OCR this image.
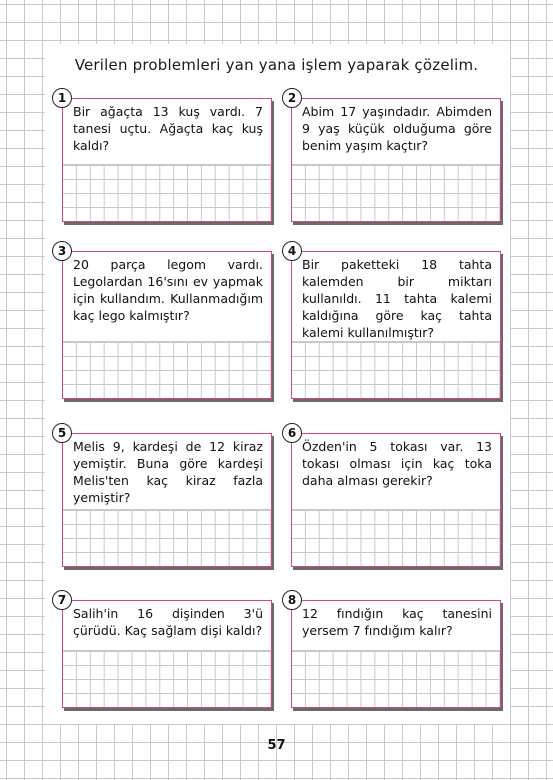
Verilen problemleri yan yana işlem yaparak çözelim.
Bir ağaçta 13 kuş vardı. 7 tanesi uçtu. Ağaçta kaç kuş kaldı?
1
Abim 17 yaşındadır. Abimden 9 yaş küçük olduğuma göre benim yaşım kaçtır?
2
20 parça legom vardı. Legolardan 16'sını ev yapmak için kullandım. Kullanmadığım kaç lego kalmıştır?
3
Bir paketteki 18 tahta kalemden bir miktarı kullanıldı. 11 tahta kalemi kaldığına göre kaç tahta kalemi kullanılmıştır?
4
Melis 9, kardeşi de 12 kiraz yemiştir. Buna göre kardeşi Melis'ten kaç kiraz fazla yemiştir?
5
Özden'in 5 tokası var. 13 tokası olması için kaç toka daha alması gerekir?
6
Salih'in 16 dişinden 3'ü çürüdü. Kaç sağlam dişi kaldı?
7
12 fındığın kaç tanesini yersem 7 fındığım kalır?
8
57
